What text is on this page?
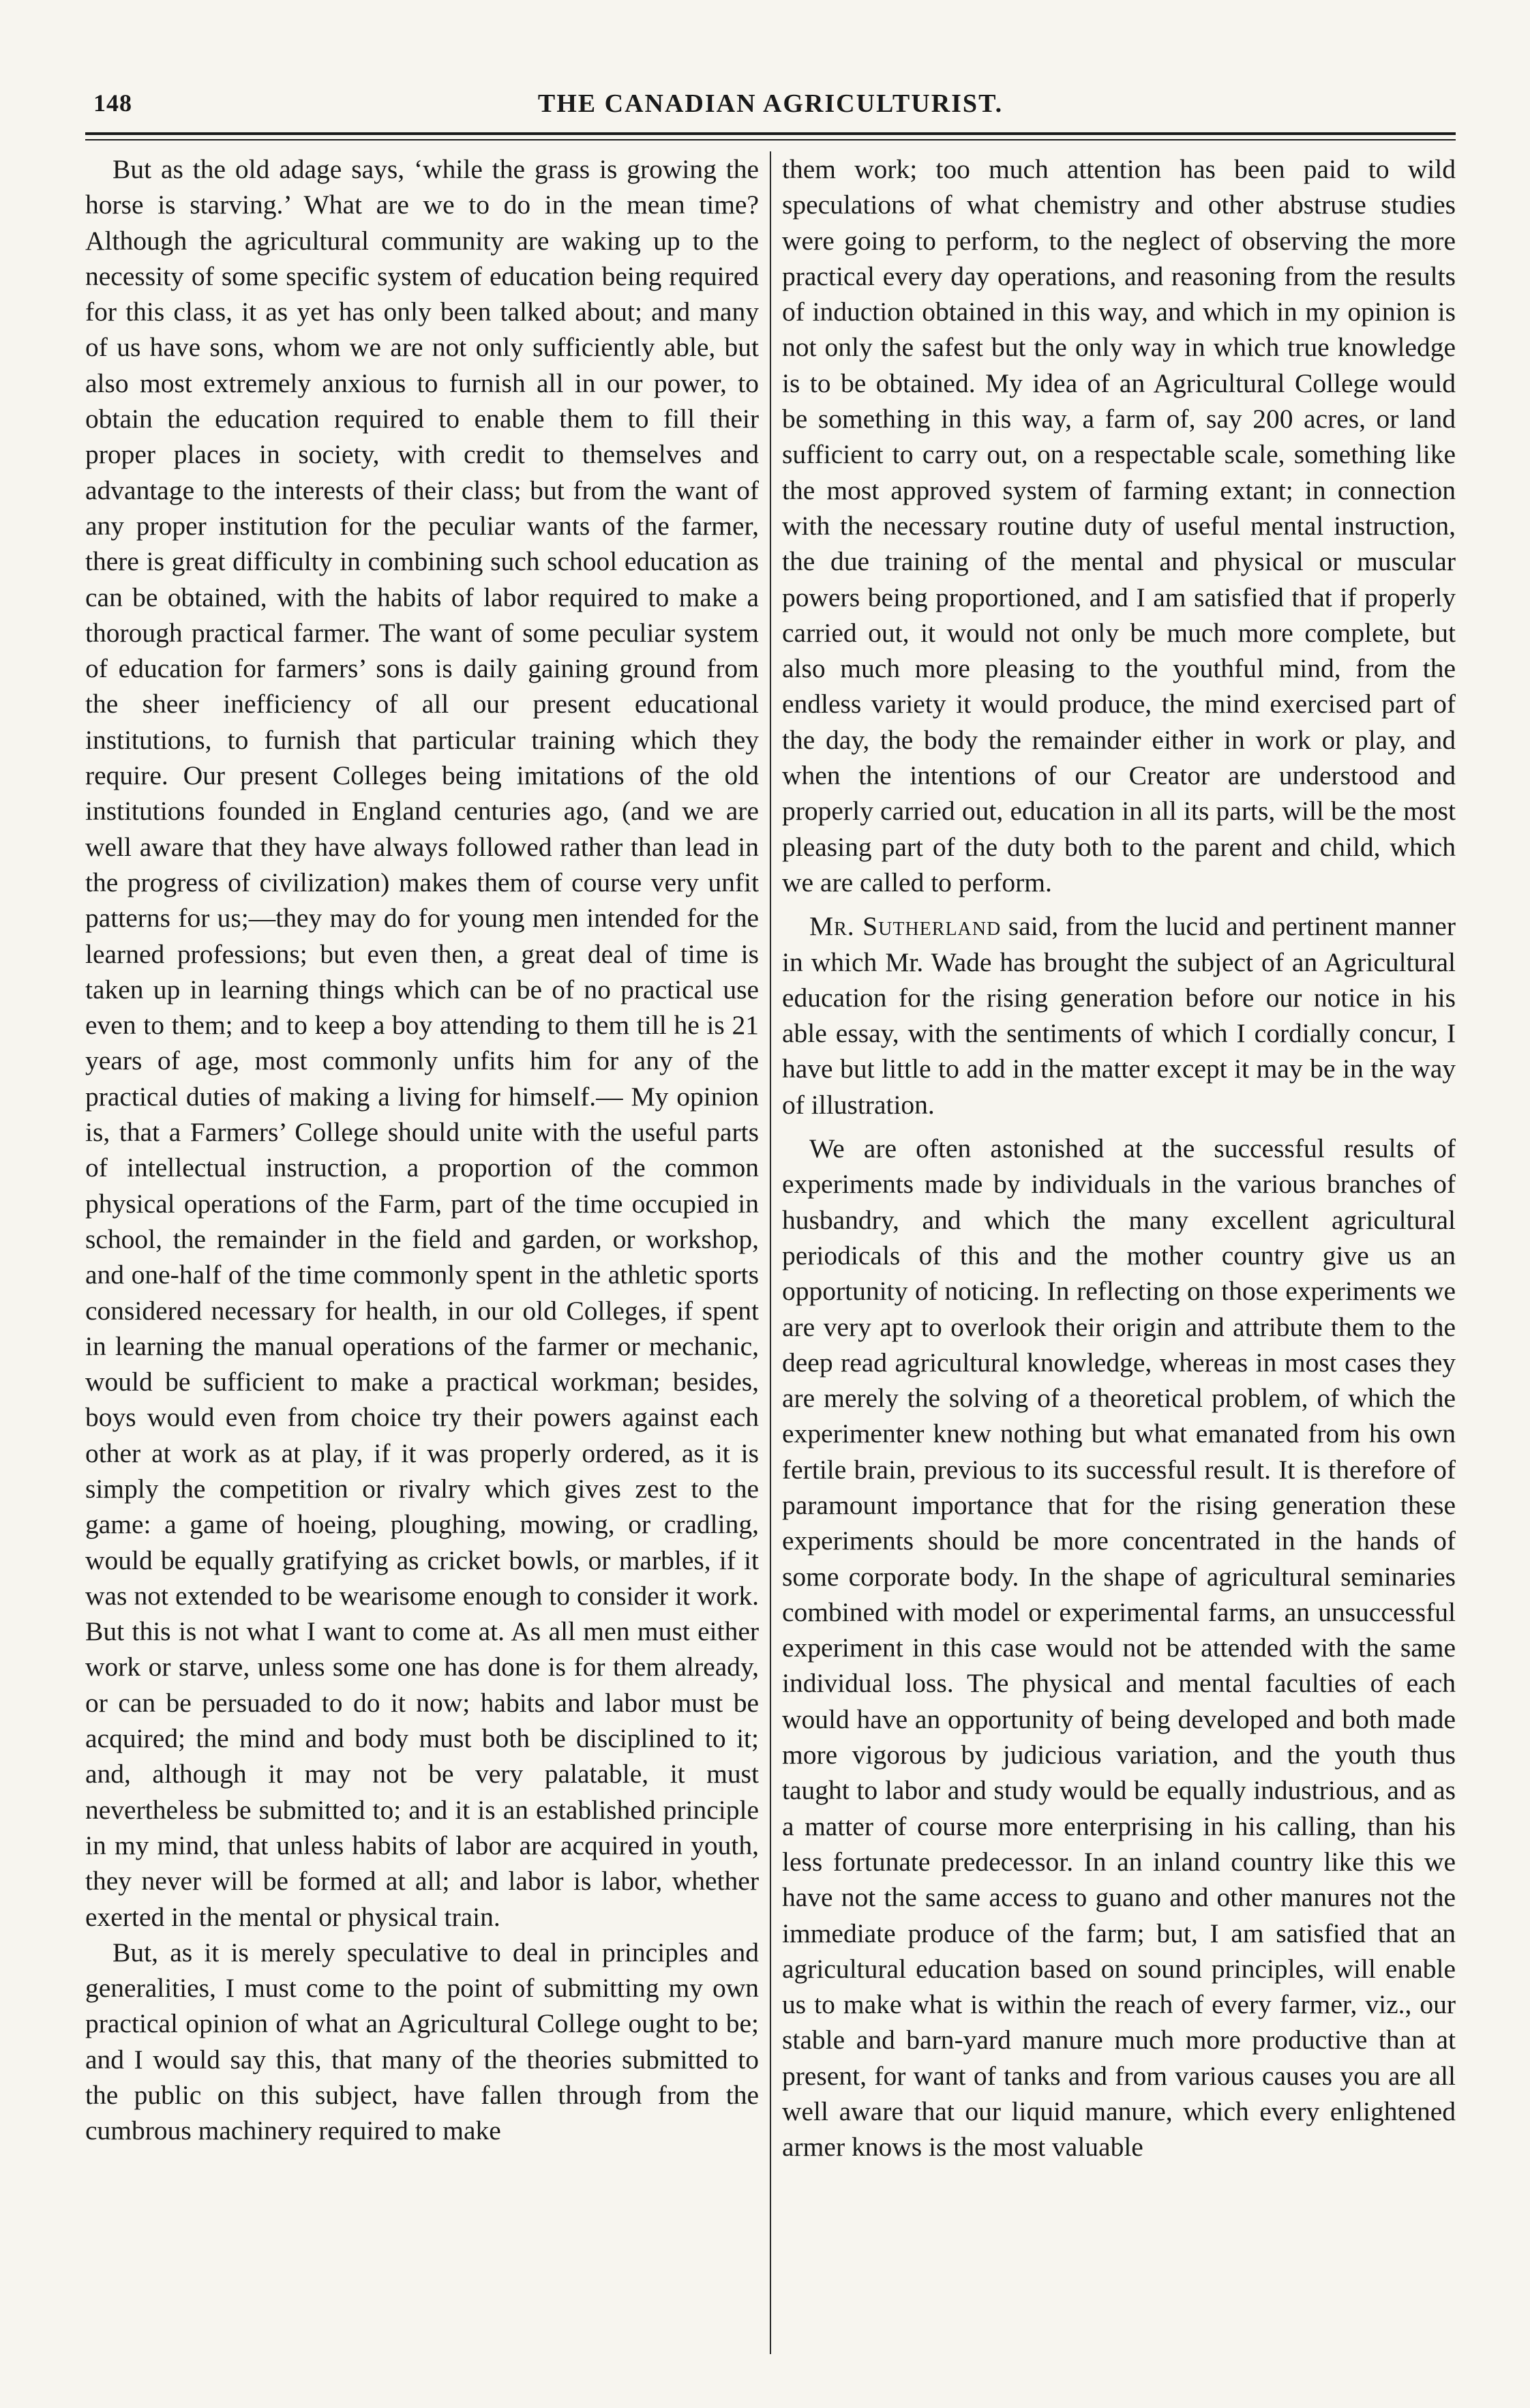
148	THE CANADIAN AGRICULTURIST.

But as the old adage says, ‘while the grass is growing the horse is starving.’ What are we to do in the mean time? Although the agricultural community are waking up to the necessity of some specific system of education being required for this class, it as yet has only been talked about; and many of us have sons, whom we are not only sufficiently able, but also most extremely anxious to furnish all in our power, to obtain the education required to enable them to fill their proper places in society, with credit to themselves and advantage to the interests of their class; but from the want of any proper institution for the peculiar wants of the farmer, there is great difficulty in combining such school education as can be obtained, with the habits of labor required to make a thorough practical farmer. The want of some peculiar system of education for farmers’ sons is daily gaining ground from the sheer inefficiency of all our present educational institutions, to furnish that particular training which they require. Our present Colleges being imitations of the old institutions founded in England centuries ago, (and we are well aware that they have always followed rather than lead in the progress of civilization) makes them of course very unfit patterns for us;—they may do for young men intended for the learned professions; but even then, a great deal of time is taken up in learning things which can be of no practical use even to them; and to keep a boy attending to them till he is 21 years of age, most commonly unfits him for any of the practical duties of making a living for himself.— My opinion is, that a Farmers’ College should unite with the useful parts of intellectual instruction, a proportion of the common physical operations of the Farm, part of the time occupied in school, the remainder in the field and garden, or workshop, and one-half of the time commonly spent in the athletic sports considered necessary for health, in our old Colleges, if spent in learning the manual operations of the farmer or mechanic, would be sufficient to make a practical workman; besides, boys would even from choice try their powers against each other at work as at play, if it was properly ordered, as it is simply the competition or rivalry which gives zest to the game: a game of hoeing, ploughing, mowing, or cradling, would be equally gratifying as cricket bowls, or marbles, if it was not extended to be wearisome enough to consider it work. But this is not what I want to come at. As all men must either work or starve, unless some one has done is for them already, or can be persuaded to do it now; habits and labor must be acquired; the mind and body must both be disciplined to it; and, although it may not be very palatable, it must nevertheless be submitted to; and it is an established principle in my mind, that unless habits of labor are acquired in youth, they never will be formed at all; and labor is labor, whether exerted in the mental or physical train.

But, as it is merely speculative to deal in principles and generalities, I must come to the point of submitting my own practical opinion of what an Agricultural College ought to be; and I would say this, that many of the theories submitted to the public on this subject, have fallen through from the cumbrous machinery required to make

them work; too much attention has been paid to wild speculations of what chemistry and other abstruse studies were going to perform, to the neglect of observing the more practical every day operations, and reasoning from the results of induction obtained in this way, and which in my opinion is not only the safest but the only way in which true knowledge is to be obtained. My idea of an Agricultural College would be something in this way, a farm of, say 200 acres, or land sufficient to carry out, on a respectable scale, something like the most approved system of farming extant; in connection with the necessary routine duty of useful mental instruction, the due training of the mental and physical or muscular powers being proportioned, and I am satisfied that if properly carried out, it would not only be much more complete, but also much more pleasing to the youthful mind, from the endless variety it would produce, the mind exercised part of the day, the body the remainder either in work or play, and when the intentions of our Creator are understood and properly carried out, education in all its parts, will be the most pleasing part of the duty both to the parent and child, which we are called to perform.

Mr. Sutherland said, from the lucid and pertinent manner in which Mr. Wade has brought the subject of an Agricultural education for the rising generation before our notice in his able essay, with the sentiments of which I cordially concur, I have but little to add in the matter except it may be in the way of illustration.

We are often astonished at the successful results of experiments made by individuals in the various branches of husbandry, and which the many excellent agricultural periodicals of this and the mother country give us an opportunity of noticing. In reflecting on those experiments we are very apt to overlook their origin and attribute them to the deep read agricultural knowledge, whereas in most cases they are merely the solving of a theoretical problem, of which the experimenter knew nothing but what emanated from his own fertile brain, previous to its successful result. It is therefore of paramount importance that for the rising generation these experiments should be more concentrated in the hands of some corporate body. In the shape of agricultural seminaries combined with model or experimental farms, an unsuccessful experiment in this case would not be attended with the same individual loss. The physical and mental faculties of each would have an opportunity of being developed and both made more vigorous by judicious variation, and the youth thus taught to labor and study would be equally industrious, and as a matter of course more enterprising in his calling, than his less fortunate predecessor. In an inland country like this we have not the same access to guano and other manures not the immediate produce of the farm; but, I am satisfied that an agricultural education based on sound principles, will enable us to make what is within the reach of every farmer, viz., our stable and barn-yard manure much more productive than at present, for want of tanks and from various causes you are all well aware that our liquid manure, which every enlightened armer knows is the most valuable
